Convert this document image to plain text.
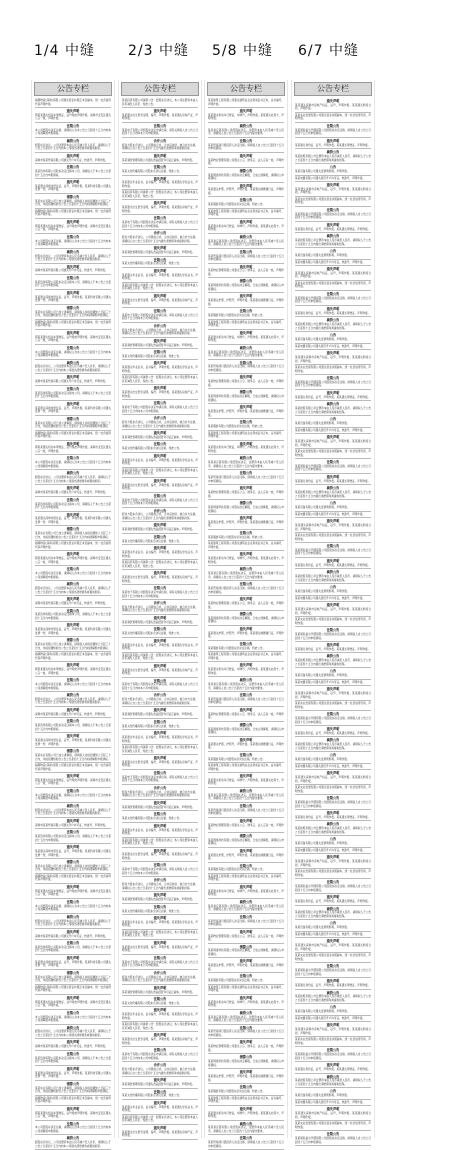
1/4 中缝 2/3 中缝 5/8 中缝 6/7 中缝
公告专栏

裕顺物流(深圳)有限公司遗失营业执照正本及副本，统一社会信用代码声明作废。

遗失声明

郭某某遗失机动车驾驶证，证号特此声明作废。深圳市宝安区遗失公章一枚，声明作废。

注销公告

本公司经股东决定注销，请债权人自本公告之日起四十五日内向本公司清算组申报债权。

减资公告

经股东会决议，公司注册资本由人民币减少至人民币，请债权人于公告之日起四十五日内向本公司提出清偿债务或提供担保。

遗失声明

深圳市某某贸易有限公司遗失开户许可证，核准号，声明作废。

注销公告

某某咨询有限公司股东决定注销本公司，请债权人于本公告之日起四十五日内申报债权。

遗失声明

某某遗失深圳市居住证，证号，声明作废。某某科技有限公司遗失发票一份，声明作废。

清算公告

某某实业有限公司已成立清算组，请债权人自接到通知之日起三十日内，未接到通知的自公告之日起四十五日内向清算组申报债权。

裕顺物流(深圳)有限公司遗失营业执照正本及副本，统一社会信用代码声明作废。

遗失声明

郭某某遗失机动车驾驶证，证号特此声明作废。深圳市宝安区遗失公章一枚，声明作废。

注销公告

本公司经股东决定注销，请债权人自本公告之日起四十五日内向本公司清算组申报债权。

减资公告

经股东会决议，公司注册资本由人民币减少至人民币，请债权人于公告之日起四十五日内向本公司提出清偿债务或提供担保。

遗失声明

深圳市某某贸易有限公司遗失开户许可证，核准号，声明作废。

注销公告

某某咨询有限公司股东决定注销本公司，请债权人于本公告之日起四十五日内申报债权。

遗失声明

某某遗失深圳市居住证，证号，声明作废。某某科技有限公司遗失发票一份，声明作废。

清算公告

某某实业有限公司已成立清算组，请债权人自接到通知之日起三十日内，未接到通知的自公告之日起四十五日内向清算组申报债权。

裕顺物流(深圳)有限公司遗失营业执照正本及副本，统一社会信用代码声明作废。

遗失声明

郭某某遗失机动车驾驶证，证号特此声明作废。深圳市宝安区遗失公章一枚，声明作废。

注销公告

本公司经股东决定注销，请债权人自本公告之日起四十五日内向本公司清算组申报债权。

减资公告

经股东会决议，公司注册资本由人民币减少至人民币，请债权人于公告之日起四十五日内向本公司提出清偿债务或提供担保。

遗失声明

深圳市某某贸易有限公司遗失开户许可证，核准号，声明作废。

注销公告

某某咨询有限公司股东决定注销本公司，请债权人于本公告之日起四十五日内申报债权。

遗失声明

某某遗失深圳市居住证，证号，声明作废。某某科技有限公司遗失发票一份，声明作废。

清算公告

某某实业有限公司已成立清算组，请债权人自接到通知之日起三十日内，未接到通知的自公告之日起四十五日内向清算组申报债权。

裕顺物流(深圳)有限公司遗失营业执照正本及副本，统一社会信用代码声明作废。

遗失声明

郭某某遗失机动车驾驶证，证号特此声明作废。深圳市宝安区遗失公章一枚，声明作废。

注销公告

本公司经股东决定注销，请债权人自本公告之日起四十五日内向本公司清算组申报债权。

减资公告

经股东会决议，公司注册资本由人民币减少至人民币，请债权人于公告之日起四十五日内向本公司提出清偿债务或提供担保。

遗失声明

深圳市某某贸易有限公司遗失开户许可证，核准号，声明作废。

注销公告

某某咨询有限公司股东决定注销本公司，请债权人于本公告之日起四十五日内申报债权。

遗失声明

某某遗失深圳市居住证，证号，声明作废。某某科技有限公司遗失发票一份，声明作废。

清算公告

某某实业有限公司已成立清算组，请债权人自接到通知之日起三十日内，未接到通知的自公告之日起四十五日内向清算组申报债权。

裕顺物流(深圳)有限公司遗失营业执照正本及副本，统一社会信用代码声明作废。

遗失声明

郭某某遗失机动车驾驶证，证号特此声明作废。深圳市宝安区遗失公章一枚，声明作废。

注销公告

本公司经股东决定注销，请债权人自本公告之日起四十五日内向本公司清算组申报债权。

减资公告

经股东会决议，公司注册资本由人民币减少至人民币，请债权人于公告之日起四十五日内向本公司提出清偿债务或提供担保。

遗失声明

深圳市某某贸易有限公司遗失开户许可证，核准号，声明作废。

注销公告

某某咨询有限公司股东决定注销本公司，请债权人于本公告之日起四十五日内申报债权。

遗失声明

某某遗失深圳市居住证，证号，声明作废。某某科技有限公司遗失发票一份，声明作废。

清算公告

某某实业有限公司已成立清算组，请债权人自接到通知之日起三十日内，未接到通知的自公告之日起四十五日内向清算组申报债权。

裕顺物流(深圳)有限公司遗失营业执照正本及副本，统一社会信用代码声明作废。

遗失声明

郭某某遗失机动车驾驶证，证号特此声明作废。深圳市宝安区遗失公章一枚，声明作废。

注销公告

本公司经股东决定注销，请债权人自本公告之日起四十五日内向本公司清算组申报债权。

减资公告

经股东会决议，公司注册资本由人民币减少至人民币，请债权人于公告之日起四十五日内向本公司提出清偿债务或提供担保。

遗失声明

深圳市某某贸易有限公司遗失开户许可证，核准号，声明作废。

注销公告

某某咨询有限公司股东决定注销本公司，请债权人于本公告之日起四十五日内申报债权。

遗失声明

某某遗失深圳市居住证，证号，声明作废。某某科技有限公司遗失发票一份，声明作废。

清算公告

某某实业有限公司已成立清算组，请债权人自接到通知之日起三十日内，未接到通知的自公告之日起四十五日内向清算组申报债权。

裕顺物流(深圳)有限公司遗失营业执照正本及副本，统一社会信用代码声明作废。

遗失声明

郭某某遗失机动车驾驶证，证号特此声明作废。深圳市宝安区遗失公章一枚，声明作废。

注销公告

本公司经股东决定注销，请债权人自本公告之日起四十五日内向本公司清算组申报债权。

减资公告

经股东会决议，公司注册资本由人民币减少至人民币，请债权人于公告之日起四十五日内向本公司提出清偿债务或提供担保。

遗失声明

深圳市某某贸易有限公司遗失开户许可证，核准号，声明作废。

注销公告

某某咨询有限公司股东决定注销本公司，请债权人于本公告之日起四十五日内申报债权。

遗失声明

某某遗失深圳市居住证，证号，声明作废。某某科技有限公司遗失发票一份，声明作废。

清算公告

某某实业有限公司已成立清算组，请债权人自接到通知之日起三十日内，未接到通知的自公告之日起四十五日内向清算组申报债权。

裕顺物流(深圳)有限公司遗失营业执照正本及副本，统一社会信用代码声明作废。

遗失声明

郭某某遗失机动车驾驶证，证号特此声明作废。深圳市宝安区遗失公章一枚，声明作废。

注销公告

本公司经股东决定注销，请债权人自本公告之日起四十五日内向本公司清算组申报债权。

减资公告

经股东会决议，公司注册资本由人民币减少至人民币，请债权人于公告之日起四十五日内向本公司提出清偿债务或提供担保。

遗失声明

深圳市某某贸易有限公司遗失开户许可证，核准号，声明作废。

注销公告

某某咨询有限公司股东决定注销本公司，请债权人于本公告之日起四十五日内申报债权。

遗失声明

某某遗失深圳市居住证，证号，声明作废。某某科技有限公司遗失发票一份，声明作废。

清算公告

某某实业有限公司已成立清算组，请债权人自接到通知之日起三十日内，未接到通知的自公告之日起四十五日内向清算组申报债权。

裕顺物流(深圳)有限公司遗失营业执照正本及副本，统一社会信用代码声明作废。

遗失声明

郭某某遗失机动车驾驶证，证号特此声明作废。深圳市宝安区遗失公章一枚，声明作废。

注销公告

本公司经股东决定注销，请债权人自本公告之日起四十五日内向本公司清算组申报债权。

减资公告

经股东会决议，公司注册资本由人民币减少至人民币，请债权人于公告之日起四十五日内向本公司提出清偿债务或提供担保。

遗失声明

深圳市某某贸易有限公司遗失开户许可证，核准号，声明作废。

注销公告

某某咨询有限公司股东决定注销本公司，请债权人于本公告之日起四十五日内申报债权。

遗失声明

某某遗失深圳市居住证，证号，声明作废。某某科技有限公司遗失发票一份，声明作废。

清算公告

某某实业有限公司已成立清算组，请债权人自接到通知之日起三十日内，未接到通知的自公告之日起四十五日内向清算组申报债权。

裕顺物流(深圳)有限公司遗失营业执照正本及副本，统一社会信用代码声明作废。

遗失声明

郭某某遗失机动车驾驶证，证号特此声明作废。深圳市宝安区遗失公章一枚，声明作废。

注销公告

本公司经股东决定注销，请债权人自本公告之日起四十五日内向本公司清算组申报债权。

减资公告

经股东会决议，公司注册资本由人民币减少至人民币，请债权人于公告之日起四十五日内向本公司提出清偿债务或提供担保。

公告专栏

某某投资有限公司减资公告：经股东会决议，本公司注册资本由人民币减至人民币，特此公告。

遗失声明

某某遗失出生医学证明，编号，声明作废。某某遗失房地产证，声明作废。

注销公告

某某电子有限公司经股东决定申请注销，请有关债权人自公告之日起四十五日内向本公司申报债权。

合并公告

经双方股东会决议，公司吸收合并，合并后存续，被合并方注销，请债权人自公告之日起四十五日内提出清偿债务或提供担保。

遗失声明

某某餐饮管理有限公司遗失食品经营许可证正副本，声明作废。

注销公告

某某文化传播有限公司股东会决议注销，特此公告。

遗失声明

某某遗失毕业证书，证书编号，声明作废。某某遗失学位证书，声明作废。

某某投资有限公司减资公告：经股东会决议，本公司注册资本由人民币减至人民币，特此公告。

遗失声明

某某遗失出生医学证明，编号，声明作废。某某遗失房地产证，声明作废。

注销公告

某某电子有限公司经股东决定申请注销，请有关债权人自公告之日起四十五日内向本公司申报债权。

合并公告

经双方股东会决议，公司吸收合并，合并后存续，被合并方注销，请债权人自公告之日起四十五日内提出清偿债务或提供担保。

遗失声明

某某餐饮管理有限公司遗失食品经营许可证正副本，声明作废。

注销公告

某某文化传播有限公司股东会决议注销，特此公告。

遗失声明

某某遗失毕业证书，证书编号，声明作废。某某遗失学位证书，声明作废。

某某投资有限公司减资公告：经股东会决议，本公司注册资本由人民币减至人民币，特此公告。

遗失声明

某某遗失出生医学证明，编号，声明作废。某某遗失房地产证，声明作废。

注销公告

某某电子有限公司经股东决定申请注销，请有关债权人自公告之日起四十五日内向本公司申报债权。

合并公告

经双方股东会决议，公司吸收合并，合并后存续，被合并方注销，请债权人自公告之日起四十五日内提出清偿债务或提供担保。

遗失声明

某某餐饮管理有限公司遗失食品经营许可证正副本，声明作废。

注销公告

某某文化传播有限公司股东会决议注销，特此公告。

遗失声明

某某遗失毕业证书，证书编号，声明作废。某某遗失学位证书，声明作废。

某某投资有限公司减资公告：经股东会决议，本公司注册资本由人民币减至人民币，特此公告。

遗失声明

某某遗失出生医学证明，编号，声明作废。某某遗失房地产证，声明作废。

注销公告

某某电子有限公司经股东决定申请注销，请有关债权人自公告之日起四十五日内向本公司申报债权。

合并公告

经双方股东会决议，公司吸收合并，合并后存续，被合并方注销，请债权人自公告之日起四十五日内提出清偿债务或提供担保。

遗失声明

某某餐饮管理有限公司遗失食品经营许可证正副本，声明作废。

注销公告

某某文化传播有限公司股东会决议注销，特此公告。

遗失声明

某某遗失毕业证书，证书编号，声明作废。某某遗失学位证书，声明作废。

某某投资有限公司减资公告：经股东会决议，本公司注册资本由人民币减至人民币，特此公告。

遗失声明

某某遗失出生医学证明，编号，声明作废。某某遗失房地产证，声明作废。

注销公告

某某电子有限公司经股东决定申请注销，请有关债权人自公告之日起四十五日内向本公司申报债权。

合并公告

经双方股东会决议，公司吸收合并，合并后存续，被合并方注销，请债权人自公告之日起四十五日内提出清偿债务或提供担保。

遗失声明

某某餐饮管理有限公司遗失食品经营许可证正副本，声明作废。

注销公告

某某文化传播有限公司股东会决议注销，特此公告。

遗失声明

某某遗失毕业证书，证书编号，声明作废。某某遗失学位证书，声明作废。

某某投资有限公司减资公告：经股东会决议，本公司注册资本由人民币减至人民币，特此公告。

遗失声明

某某遗失出生医学证明，编号，声明作废。某某遗失房地产证，声明作废。

注销公告

某某电子有限公司经股东决定申请注销，请有关债权人自公告之日起四十五日内向本公司申报债权。

合并公告

经双方股东会决议，公司吸收合并，合并后存续，被合并方注销，请债权人自公告之日起四十五日内提出清偿债务或提供担保。

遗失声明

某某餐饮管理有限公司遗失食品经营许可证正副本，声明作废。

注销公告

某某文化传播有限公司股东会决议注销，特此公告。

遗失声明

某某遗失毕业证书，证书编号，声明作废。某某遗失学位证书，声明作废。

某某投资有限公司减资公告：经股东会决议，本公司注册资本由人民币减至人民币，特此公告。

遗失声明

某某遗失出生医学证明，编号，声明作废。某某遗失房地产证，声明作废。

注销公告

某某电子有限公司经股东决定申请注销，请有关债权人自公告之日起四十五日内向本公司申报债权。

合并公告

经双方股东会决议，公司吸收合并，合并后存续，被合并方注销，请债权人自公告之日起四十五日内提出清偿债务或提供担保。

遗失声明

某某餐饮管理有限公司遗失食品经营许可证正副本，声明作废。

注销公告

某某文化传播有限公司股东会决议注销，特此公告。

遗失声明

某某遗失毕业证书，证书编号，声明作废。某某遗失学位证书，声明作废。

某某投资有限公司减资公告：经股东会决议，本公司注册资本由人民币减至人民币，特此公告。

遗失声明

某某遗失出生医学证明，编号，声明作废。某某遗失房地产证，声明作废。

注销公告

某某电子有限公司经股东决定申请注销，请有关债权人自公告之日起四十五日内向本公司申报债权。

合并公告

经双方股东会决议，公司吸收合并，合并后存续，被合并方注销，请债权人自公告之日起四十五日内提出清偿债务或提供担保。

遗失声明

某某餐饮管理有限公司遗失食品经营许可证正副本，声明作废。

注销公告

某某文化传播有限公司股东会决议注销，特此公告。

遗失声明

某某遗失毕业证书，证书编号，声明作废。某某遗失学位证书，声明作废。

某某投资有限公司减资公告：经股东会决议，本公司注册资本由人民币减至人民币，特此公告。

遗失声明

某某遗失出生医学证明，编号，声明作废。某某遗失房地产证，声明作废。

注销公告

某某电子有限公司经股东决定申请注销，请有关债权人自公告之日起四十五日内向本公司申报债权。

合并公告

经双方股东会决议，公司吸收合并，合并后存续，被合并方注销，请债权人自公告之日起四十五日内提出清偿债务或提供担保。

遗失声明

某某餐饮管理有限公司遗失食品经营许可证正副本，声明作废。

注销公告

某某文化传播有限公司股东会决议注销，特此公告。

遗失声明

某某遗失毕业证书，证书编号，声明作废。某某遗失学位证书，声明作废。

某某投资有限公司减资公告：经股东会决议，本公司注册资本由人民币减至人民币，特此公告。

遗失声明

某某遗失出生医学证明，编号，声明作废。某某遗失房地产证，声明作废。

注销公告

某某电子有限公司经股东决定申请注销，请有关债权人自公告之日起四十五日内向本公司申报债权。

合并公告

经双方股东会决议，公司吸收合并，合并后存续，被合并方注销，请债权人自公告之日起四十五日内提出清偿债务或提供担保。

遗失声明

某某餐饮管理有限公司遗失食品经营许可证正副本，声明作废。

注销公告

某某文化传播有限公司股东会决议注销，特此公告。

遗失声明

某某遗失毕业证书，证书编号，声明作废。某某遗失学位证书，声明作废。

某某投资有限公司减资公告：经股东会决议，本公司注册资本由人民币减至人民币，特此公告。

遗失声明

某某遗失出生医学证明，编号，声明作废。某某遗失房地产证，声明作废。

注销公告

某某电子有限公司经股东决定申请注销，请有关债权人自公告之日起四十五日内向本公司申报债权。

合并公告

经双方股东会决议，公司吸收合并，合并后存续，被合并方注销，请债权人自公告之日起四十五日内提出清偿债务或提供担保。

遗失声明

某某餐饮管理有限公司遗失食品经营许可证正副本，声明作废。

注销公告

某某文化传播有限公司股东会决议注销，特此公告。

遗失声明

某某遗失毕业证书，证书编号，声明作废。某某遗失学位证书，声明作废。

某某投资有限公司减资公告：经股东会决议，本公司注册资本由人民币减至人民币，特此公告。

遗失声明

某某遗失出生医学证明，编号，声明作废。某某遗失房地产证，声明作废。

公告专栏

某某建筑工程有限公司遗失建筑业企业资质证书正本，证书编号，声明作废。

遗失声明

某某遗失机动车行驶证，车牌号，声明作废。某某遗失社保卡，声明作废。

减资公告

某某供应链有限公司经股东决定，注册资本由人民币减少至人民币，请债权人自公告之日起四十五日内提出要求。

注销公告

某某贸易商行经投资人决定注销，请债权人自公告之日起四十五日内申报债权。

遗失声明

某某物业管理有限公司遗失公章、财务章、法人章各一枚，声明作废。

清算公告

某某网络科技有限公司股东决定解散，已成立清算组，请债权人申报债权。

遗失声明

某某遗失护照，护照号，声明作废。某某遗失港澳通行证，声明作废。

注销公告

某某服装有限公司经股东会决议注销，特此公告。

某某建筑工程有限公司遗失建筑业企业资质证书正本，证书编号，声明作废。

遗失声明

某某遗失机动车行驶证，车牌号，声明作废。某某遗失社保卡，声明作废。

减资公告

某某供应链有限公司经股东决定，注册资本由人民币减少至人民币，请债权人自公告之日起四十五日内提出要求。

注销公告

某某贸易商行经投资人决定注销，请债权人自公告之日起四十五日内申报债权。

遗失声明

某某物业管理有限公司遗失公章、财务章、法人章各一枚，声明作废。

清算公告

某某网络科技有限公司股东决定解散，已成立清算组，请债权人申报债权。

遗失声明

某某遗失护照，护照号，声明作废。某某遗失港澳通行证，声明作废。

注销公告

某某服装有限公司经股东会决议注销，特此公告。

某某建筑工程有限公司遗失建筑业企业资质证书正本，证书编号，声明作废。

遗失声明

某某遗失机动车行驶证，车牌号，声明作废。某某遗失社保卡，声明作废。

减资公告

某某供应链有限公司经股东决定，注册资本由人民币减少至人民币，请债权人自公告之日起四十五日内提出要求。

注销公告

某某贸易商行经投资人决定注销，请债权人自公告之日起四十五日内申报债权。

遗失声明

某某物业管理有限公司遗失公章、财务章、法人章各一枚，声明作废。

清算公告

某某网络科技有限公司股东决定解散，已成立清算组，请债权人申报债权。

遗失声明

某某遗失护照，护照号，声明作废。某某遗失港澳通行证，声明作废。

注销公告

某某服装有限公司经股东会决议注销，特此公告。

某某建筑工程有限公司遗失建筑业企业资质证书正本，证书编号，声明作废。

遗失声明

某某遗失机动车行驶证，车牌号，声明作废。某某遗失社保卡，声明作废。

减资公告

某某供应链有限公司经股东决定，注册资本由人民币减少至人民币，请债权人自公告之日起四十五日内提出要求。

注销公告

某某贸易商行经投资人决定注销，请债权人自公告之日起四十五日内申报债权。

遗失声明

某某物业管理有限公司遗失公章、财务章、法人章各一枚，声明作废。

清算公告

某某网络科技有限公司股东决定解散，已成立清算组，请债权人申报债权。

遗失声明

某某遗失护照，护照号，声明作废。某某遗失港澳通行证，声明作废。

注销公告

某某服装有限公司经股东会决议注销，特此公告。

某某建筑工程有限公司遗失建筑业企业资质证书正本，证书编号，声明作废。

遗失声明

某某遗失机动车行驶证，车牌号，声明作废。某某遗失社保卡，声明作废。

减资公告

某某供应链有限公司经股东决定，注册资本由人民币减少至人民币，请债权人自公告之日起四十五日内提出要求。

注销公告

某某贸易商行经投资人决定注销，请债权人自公告之日起四十五日内申报债权。

遗失声明

某某物业管理有限公司遗失公章、财务章、法人章各一枚，声明作废。

清算公告

某某网络科技有限公司股东决定解散，已成立清算组，请债权人申报债权。

遗失声明

某某遗失护照，护照号，声明作废。某某遗失港澳通行证，声明作废。

注销公告

某某服装有限公司经股东会决议注销，特此公告。

某某建筑工程有限公司遗失建筑业企业资质证书正本，证书编号，声明作废。

遗失声明

某某遗失机动车行驶证，车牌号，声明作废。某某遗失社保卡，声明作废。

减资公告

某某供应链有限公司经股东决定，注册资本由人民币减少至人民币，请债权人自公告之日起四十五日内提出要求。

注销公告

某某贸易商行经投资人决定注销，请债权人自公告之日起四十五日内申报债权。

遗失声明

某某物业管理有限公司遗失公章、财务章、法人章各一枚，声明作废。

清算公告

某某网络科技有限公司股东决定解散，已成立清算组，请债权人申报债权。

遗失声明

某某遗失护照，护照号，声明作废。某某遗失港澳通行证，声明作废。

注销公告

某某服装有限公司经股东会决议注销，特此公告。

某某建筑工程有限公司遗失建筑业企业资质证书正本，证书编号，声明作废。

遗失声明

某某遗失机动车行驶证，车牌号，声明作废。某某遗失社保卡，声明作废。

减资公告

某某供应链有限公司经股东决定，注册资本由人民币减少至人民币，请债权人自公告之日起四十五日内提出要求。

注销公告

某某贸易商行经投资人决定注销，请债权人自公告之日起四十五日内申报债权。

遗失声明

某某物业管理有限公司遗失公章、财务章、法人章各一枚，声明作废。

清算公告

某某网络科技有限公司股东决定解散，已成立清算组，请债权人申报债权。

遗失声明

某某遗失护照，护照号，声明作废。某某遗失港澳通行证，声明作废。

注销公告

某某服装有限公司经股东会决议注销，特此公告。

某某建筑工程有限公司遗失建筑业企业资质证书正本，证书编号，声明作废。

遗失声明

某某遗失机动车行驶证，车牌号，声明作废。某某遗失社保卡，声明作废。

减资公告

某某供应链有限公司经股东决定，注册资本由人民币减少至人民币，请债权人自公告之日起四十五日内提出要求。

注销公告

某某贸易商行经投资人决定注销，请债权人自公告之日起四十五日内申报债权。

遗失声明

某某物业管理有限公司遗失公章、财务章、法人章各一枚，声明作废。

清算公告

某某网络科技有限公司股东决定解散，已成立清算组，请债权人申报债权。

遗失声明

某某遗失护照，护照号，声明作废。某某遗失港澳通行证，声明作废。

注销公告

某某服装有限公司经股东会决议注销，特此公告。

某某建筑工程有限公司遗失建筑业企业资质证书正本，证书编号，声明作废。

遗失声明

某某遗失机动车行驶证，车牌号，声明作废。某某遗失社保卡，声明作废。

减资公告

某某供应链有限公司经股东决定，注册资本由人民币减少至人民币，请债权人自公告之日起四十五日内提出要求。

注销公告

某某贸易商行经投资人决定注销，请债权人自公告之日起四十五日内申报债权。

遗失声明

某某物业管理有限公司遗失公章、财务章、法人章各一枚，声明作废。

清算公告

某某网络科技有限公司股东决定解散，已成立清算组，请债权人申报债权。

遗失声明

某某遗失护照，护照号，声明作废。某某遗失港澳通行证，声明作废。

注销公告

某某服装有限公司经股东会决议注销，特此公告。

某某建筑工程有限公司遗失建筑业企业资质证书正本，证书编号，声明作废。

遗失声明

某某遗失机动车行驶证，车牌号，声明作废。某某遗失社保卡，声明作废。

减资公告

某某供应链有限公司经股东决定，注册资本由人民币减少至人民币，请债权人自公告之日起四十五日内提出要求。

注销公告

某某贸易商行经投资人决定注销，请债权人自公告之日起四十五日内申报债权。

公告专栏
遗失声明

某某遗失深圳市房地产权证，证号，声明作废。某某遗失购房合同，声明作废。

某某实业发展有限公司遗失营业执照副本，统一社会信用代码，声明作废。

注销公告

某某国际货运代理有限公司经股东决定注销，请债权人自公告之日起四十五日内申报债权。

遗失声明

某某遗失身份证，证号，声明作废。某某遗失驾驶证，声明作废。

减资公告

某某控股有限公司注册资本由人民币减至人民币，请债权人于公告之日起四十五日内提出清偿债务或提供担保。

公告

某某设备有限公司遗失发票领购簿，声明作废。

某某电器有限公司遗失银行开户许可证，核准号，声明作废。

遗失声明

某某遗失深圳市房地产权证，证号，声明作废。某某遗失购房合同，声明作废。

某某实业发展有限公司遗失营业执照副本，统一社会信用代码，声明作废。

注销公告

某某国际货运代理有限公司经股东决定注销，请债权人自公告之日起四十五日内申报债权。

遗失声明

某某遗失身份证，证号，声明作废。某某遗失驾驶证，声明作废。

减资公告

某某控股有限公司注册资本由人民币减至人民币，请债权人于公告之日起四十五日内提出清偿债务或提供担保。

公告

某某设备有限公司遗失发票领购簿，声明作废。

某某电器有限公司遗失银行开户许可证，核准号，声明作废。

遗失声明

某某遗失深圳市房地产权证，证号，声明作废。某某遗失购房合同，声明作废。

某某实业发展有限公司遗失营业执照副本，统一社会信用代码，声明作废。

注销公告

某某国际货运代理有限公司经股东决定注销，请债权人自公告之日起四十五日内申报债权。

遗失声明

某某遗失身份证，证号，声明作废。某某遗失驾驶证，声明作废。

减资公告

某某控股有限公司注册资本由人民币减至人民币，请债权人于公告之日起四十五日内提出清偿债务或提供担保。

公告

某某设备有限公司遗失发票领购簿，声明作废。

某某电器有限公司遗失银行开户许可证，核准号，声明作废。

遗失声明

某某遗失深圳市房地产权证，证号，声明作废。某某遗失购房合同，声明作废。

某某实业发展有限公司遗失营业执照副本，统一社会信用代码，声明作废。

注销公告

某某国际货运代理有限公司经股东决定注销，请债权人自公告之日起四十五日内申报债权。

遗失声明

某某遗失身份证，证号，声明作废。某某遗失驾驶证，声明作废。

减资公告

某某控股有限公司注册资本由人民币减至人民币，请债权人于公告之日起四十五日内提出清偿债务或提供担保。

公告

某某设备有限公司遗失发票领购簿，声明作废。

某某电器有限公司遗失银行开户许可证，核准号，声明作废。

遗失声明

某某遗失深圳市房地产权证，证号，声明作废。某某遗失购房合同，声明作废。

某某实业发展有限公司遗失营业执照副本，统一社会信用代码，声明作废。

注销公告

某某国际货运代理有限公司经股东决定注销，请债权人自公告之日起四十五日内申报债权。

遗失声明

某某遗失身份证，证号，声明作废。某某遗失驾驶证，声明作废。

减资公告

某某控股有限公司注册资本由人民币减至人民币，请债权人于公告之日起四十五日内提出清偿债务或提供担保。

公告

某某设备有限公司遗失发票领购簿，声明作废。

某某电器有限公司遗失银行开户许可证，核准号，声明作废。

遗失声明

某某遗失深圳市房地产权证，证号，声明作废。某某遗失购房合同，声明作废。

某某实业发展有限公司遗失营业执照副本，统一社会信用代码，声明作废。

注销公告

某某国际货运代理有限公司经股东决定注销，请债权人自公告之日起四十五日内申报债权。

遗失声明

某某遗失身份证，证号，声明作废。某某遗失驾驶证，声明作废。

减资公告

某某控股有限公司注册资本由人民币减至人民币，请债权人于公告之日起四十五日内提出清偿债务或提供担保。

公告

某某设备有限公司遗失发票领购簿，声明作废。

某某电器有限公司遗失银行开户许可证，核准号，声明作废。

遗失声明

某某遗失深圳市房地产权证，证号，声明作废。某某遗失购房合同，声明作废。

某某实业发展有限公司遗失营业执照副本，统一社会信用代码，声明作废。

注销公告

某某国际货运代理有限公司经股东决定注销，请债权人自公告之日起四十五日内申报债权。

遗失声明

某某遗失身份证，证号，声明作废。某某遗失驾驶证，声明作废。

减资公告

某某控股有限公司注册资本由人民币减至人民币，请债权人于公告之日起四十五日内提出清偿债务或提供担保。

公告

某某设备有限公司遗失发票领购簿，声明作废。

某某电器有限公司遗失银行开户许可证，核准号，声明作废。

遗失声明

某某遗失深圳市房地产权证，证号，声明作废。某某遗失购房合同，声明作废。

某某实业发展有限公司遗失营业执照副本，统一社会信用代码，声明作废。

注销公告

某某国际货运代理有限公司经股东决定注销，请债权人自公告之日起四十五日内申报债权。

遗失声明

某某遗失身份证，证号，声明作废。某某遗失驾驶证，声明作废。

减资公告

某某控股有限公司注册资本由人民币减至人民币，请债权人于公告之日起四十五日内提出清偿债务或提供担保。

公告

某某设备有限公司遗失发票领购簿，声明作废。

某某电器有限公司遗失银行开户许可证，核准号，声明作废。

遗失声明

某某遗失深圳市房地产权证，证号，声明作废。某某遗失购房合同，声明作废。

某某实业发展有限公司遗失营业执照副本，统一社会信用代码，声明作废。

注销公告

某某国际货运代理有限公司经股东决定注销，请债权人自公告之日起四十五日内申报债权。

遗失声明

某某遗失身份证，证号，声明作废。某某遗失驾驶证，声明作废。

减资公告

某某控股有限公司注册资本由人民币减至人民币，请债权人于公告之日起四十五日内提出清偿债务或提供担保。

公告

某某设备有限公司遗失发票领购簿，声明作废。

某某电器有限公司遗失银行开户许可证，核准号，声明作废。

遗失声明

某某遗失深圳市房地产权证，证号，声明作废。某某遗失购房合同，声明作废。

某某实业发展有限公司遗失营业执照副本，统一社会信用代码，声明作废。

注销公告

某某国际货运代理有限公司经股东决定注销，请债权人自公告之日起四十五日内申报债权。

遗失声明

某某遗失身份证，证号，声明作废。某某遗失驾驶证，声明作废。

减资公告

某某控股有限公司注册资本由人民币减至人民币，请债权人于公告之日起四十五日内提出清偿债务或提供担保。

公告

某某设备有限公司遗失发票领购簿，声明作废。

某某电器有限公司遗失银行开户许可证，核准号，声明作废。

遗失声明

某某遗失深圳市房地产权证，证号，声明作废。某某遗失购房合同，声明作废。

某某实业发展有限公司遗失营业执照副本，统一社会信用代码，声明作废。

注销公告

某某国际货运代理有限公司经股东决定注销，请债权人自公告之日起四十五日内申报债权。

遗失声明

某某遗失身份证，证号，声明作废。某某遗失驾驶证，声明作废。

减资公告

某某控股有限公司注册资本由人民币减至人民币，请债权人于公告之日起四十五日内提出清偿债务或提供担保。

公告

某某设备有限公司遗失发票领购簿，声明作废。

某某电器有限公司遗失银行开户许可证，核准号，声明作废。

遗失声明

某某遗失深圳市房地产权证，证号，声明作废。某某遗失购房合同，声明作废。

某某实业发展有限公司遗失营业执照副本，统一社会信用代码，声明作废。

注销公告

某某国际货运代理有限公司经股东决定注销，请债权人自公告之日起四十五日内申报债权。

遗失声明

某某遗失身份证，证号，声明作废。某某遗失驾驶证，声明作废。

减资公告

某某控股有限公司注册资本由人民币减至人民币，请债权人于公告之日起四十五日内提出清偿债务或提供担保。

公告

某某设备有限公司遗失发票领购簿，声明作废。

某某电器有限公司遗失银行开户许可证，核准号，声明作废。

遗失声明

某某遗失深圳市房地产权证，证号，声明作废。某某遗失购房合同，声明作废。

某某实业发展有限公司遗失营业执照副本，统一社会信用代码，声明作废。

注销公告

某某国际货运代理有限公司经股东决定注销，请债权人自公告之日起四十五日内申报债权。
